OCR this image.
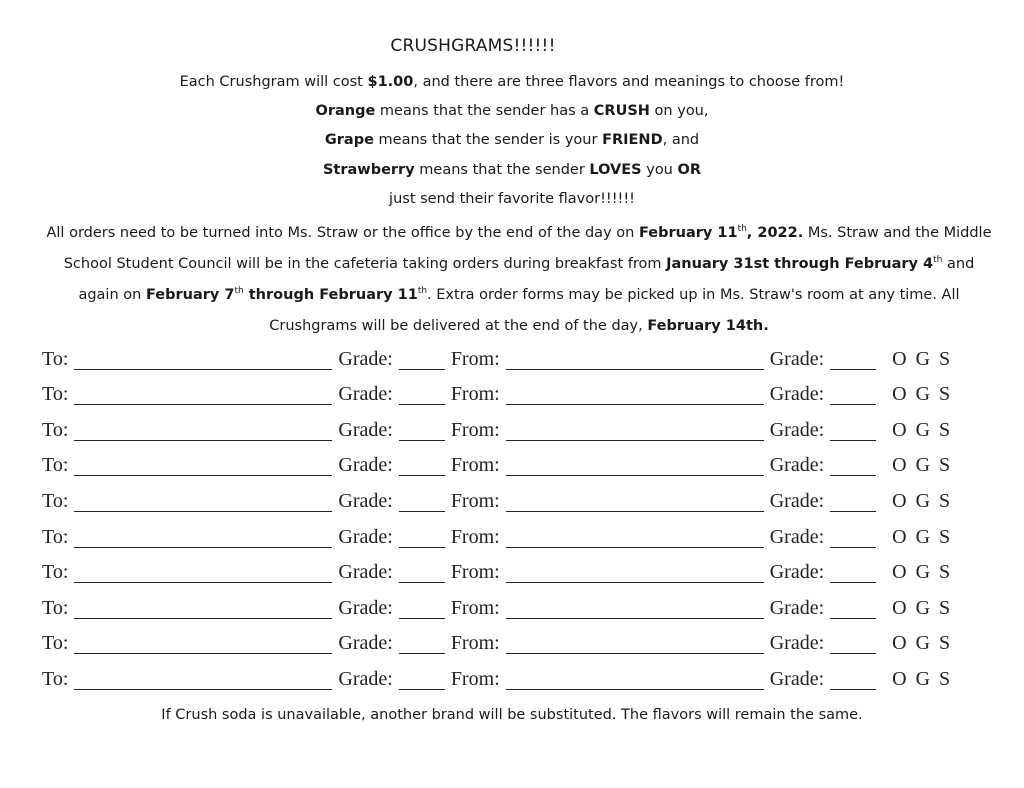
CRUSHGRAMS!!!!!!
Each Crushgram will cost $1.00, and there are three flavors and meanings to choose from!
Orange means that the sender has a CRUSH on you,
Grape means that the sender is your FRIEND, and
Strawberry means that the sender LOVES you OR
just send their favorite flavor!!!!!!
All orders need to be turned into Ms. Straw or the office by the end of the day on February 11th, 2022. Ms. Straw and the Middle School Student Council will be in the cafeteria taking orders during breakfast from January 31st through February 4th and again on February 7th through February 11th. Extra order forms may be picked up in Ms. Straw's room at any time. All Crushgrams will be delivered at the end of the day, February 14th.
To:	Grade:	From:	Grade:	O G S
To:	Grade:	From:	Grade:	O G S
To:	Grade:	From:	Grade:	O G S
To:	Grade:	From:	Grade:	O G S
To:	Grade:	From:	Grade:	O G S
To:	Grade:	From:	Grade:	O G S
To:	Grade:	From:	Grade:	O G S
To:	Grade:	From:	Grade:	O G S
To:	Grade:	From:	Grade:	O G S
To:	Grade:	From:	Grade:	O G S
If Crush soda is unavailable, another brand will be substituted. The flavors will remain the same.
